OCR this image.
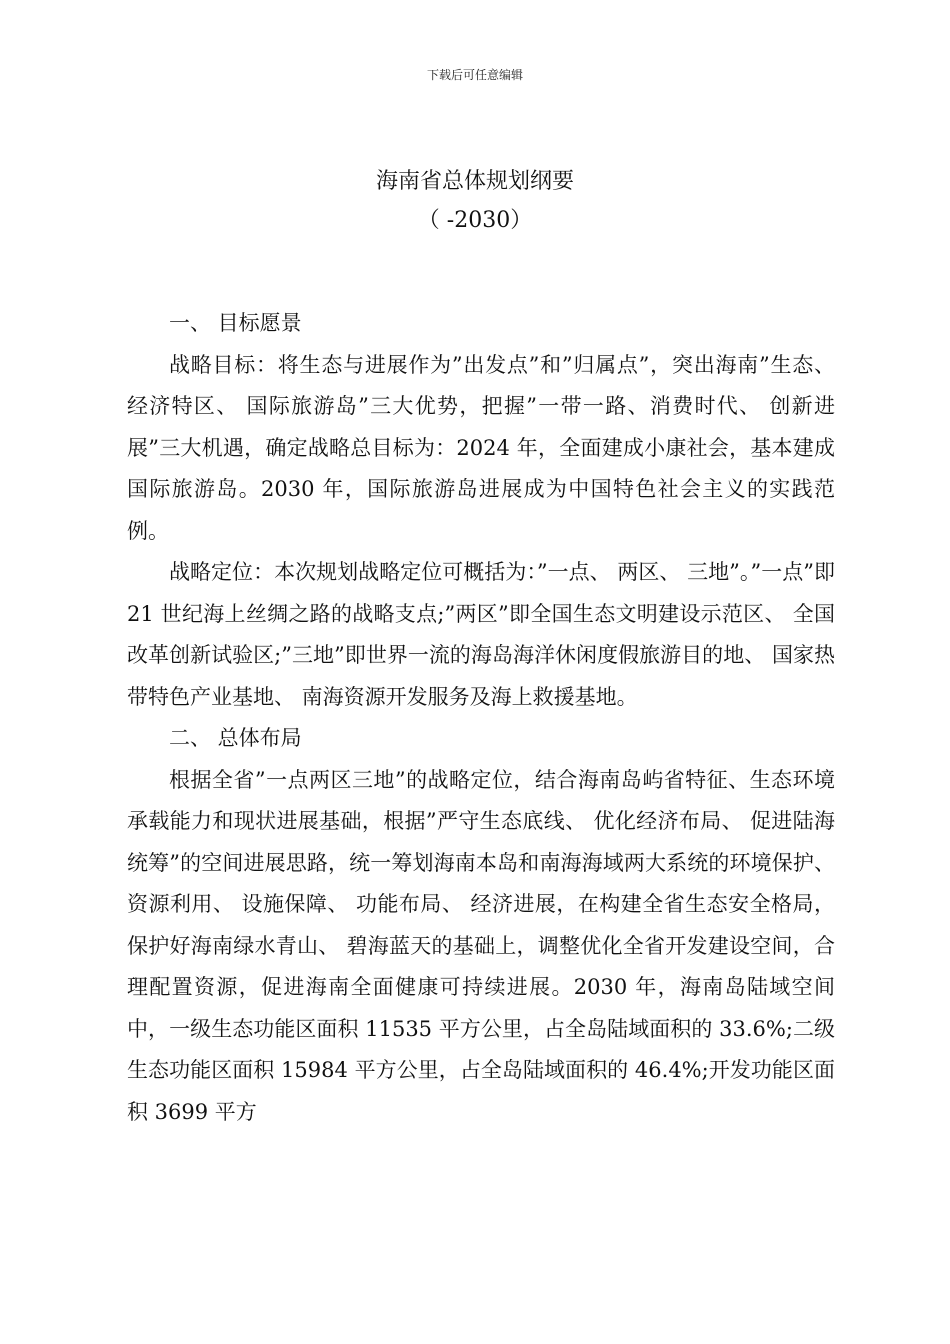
下载后可任意编辑
海南省总体规划纲要
（ -2030）

一、 目标愿景

战略目标：将生态与进展作为”出发点”和”归属点”，突出海南”生态、 经济特区、 国际旅游岛”三大优势，把握”一带一路、消费时代、 创新进展”三大机遇，确定战略总目标为：2024 年，全面建成小康社会，基本建成国际旅游岛。2030 年，国际旅游岛进展成为中国特色社会主义的实践范例。

战略定位：本次规划战略定位可概括为：”一点、 两区、 三地”。”一点”即 21 世纪海上丝绸之路的战略支点;”两区”即全国生态文明建设示范区、 全国改革创新试验区;”三地”即世界一流的海岛海洋休闲度假旅游目的地、 国家热带特色产业基地、 南海资源开发服务及海上救援基地。

二、 总体布局

根据全省”一点两区三地”的战略定位，结合海南岛屿省特征、生态环境承载能力和现状进展基础，根据”严守生态底线、 优化经济布局、 促进陆海统筹”的空间进展思路，统一筹划海南本岛和南海海域两大系统的环境保护、 资源利用、 设施保障、 功能布局、 经济进展，在构建全省生态安全格局，保护好海南绿水青山、 碧海蓝天的基础上，调整优化全省开发建设空间，合理配置资源，促进海南全面健康可持续进展。2030 年，海南岛陆域空间中，一级生态功能区面积 11535 平方公里，占全岛陆域面积的 33.6%;二级生态功能区面积 15984 平方公里，占全岛陆域面积的 46.4%;开发功能区面积 3699 平方
